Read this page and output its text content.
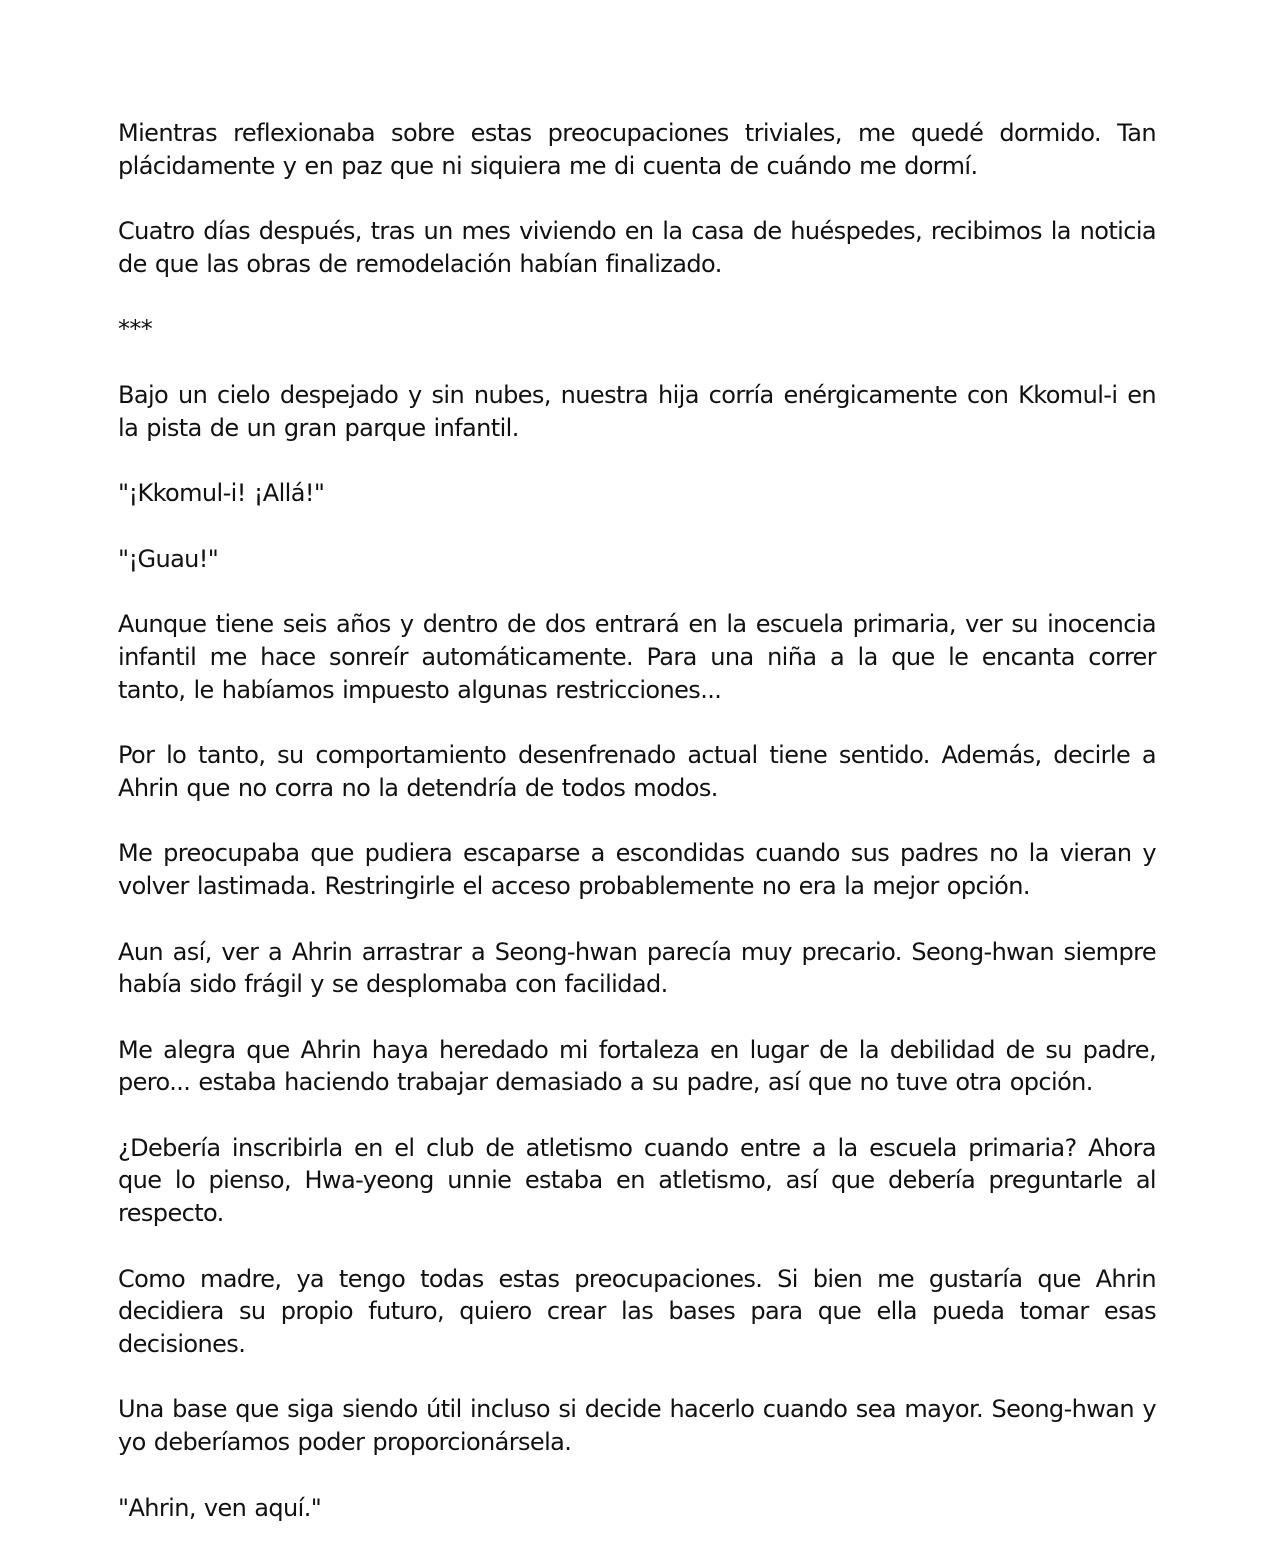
Mientras reflexionaba sobre estas preocupaciones triviales, me quedé dormido. Tan plácidamente y en paz que ni siquiera me di cuenta de cuándo me dormí.

Cuatro días después, tras un mes viviendo en la casa de huéspedes, recibimos la noticia de que las obras de remodelación habían finalizado.

***

Bajo un cielo despejado y sin nubes, nuestra hija corría enérgicamente con Kkomul-i en la pista de un gran parque infantil.

"¡Kkomul-i! ¡Allá!"

"¡Guau!"

Aunque tiene seis años y dentro de dos entrará en la escuela primaria, ver su inocencia infantil me hace sonreír automáticamente. Para una niña a la que le encanta correr tanto, le habíamos impuesto algunas restricciones...

Por lo tanto, su comportamiento desenfrenado actual tiene sentido. Además, decirle a Ahrin que no corra no la detendría de todos modos.

Me preocupaba que pudiera escaparse a escondidas cuando sus padres no la vieran y volver lastimada. Restringirle el acceso probablemente no era la mejor opción.

Aun así, ver a Ahrin arrastrar a Seong-hwan parecía muy precario. Seong-hwan siempre había sido frágil y se desplomaba con facilidad.

Me alegra que Ahrin haya heredado mi fortaleza en lugar de la debilidad de su padre, pero... estaba haciendo trabajar demasiado a su padre, así que no tuve otra opción.

¿Debería inscribirla en el club de atletismo cuando entre a la escuela primaria? Ahora que lo pienso, Hwa-yeong unnie estaba en atletismo, así que debería preguntarle al respecto.

Como madre, ya tengo todas estas preocupaciones. Si bien me gustaría que Ahrin decidiera su propio futuro, quiero crear las bases para que ella pueda tomar esas decisiones.

Una base que siga siendo útil incluso si decide hacerlo cuando sea mayor. Seong-hwan y yo deberíamos poder proporcionársela.

"Ahrin, ven aquí."
